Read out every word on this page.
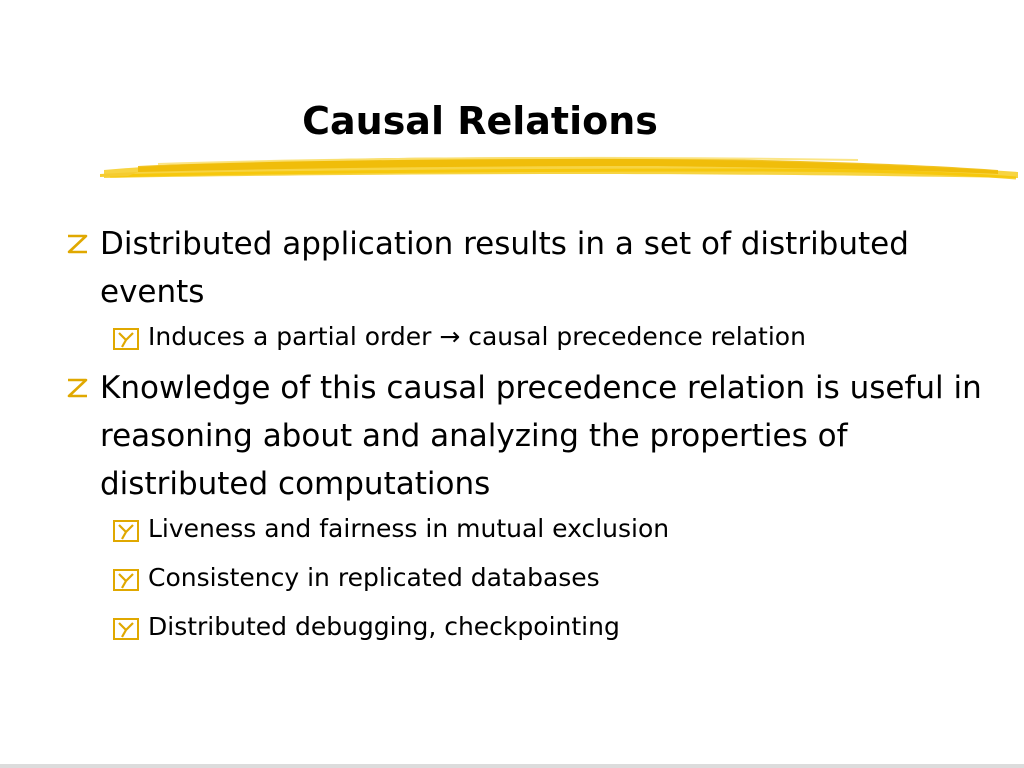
Causal Relations
Distributed application results in a set of distributed events
Induces a partial order → causal precedence relation
Knowledge of this causal precedence relation is useful in reasoning about and analyzing the properties of distributed computations
Liveness and fairness in mutual exclusion
Consistency in replicated databases
Distributed debugging, checkpointing
